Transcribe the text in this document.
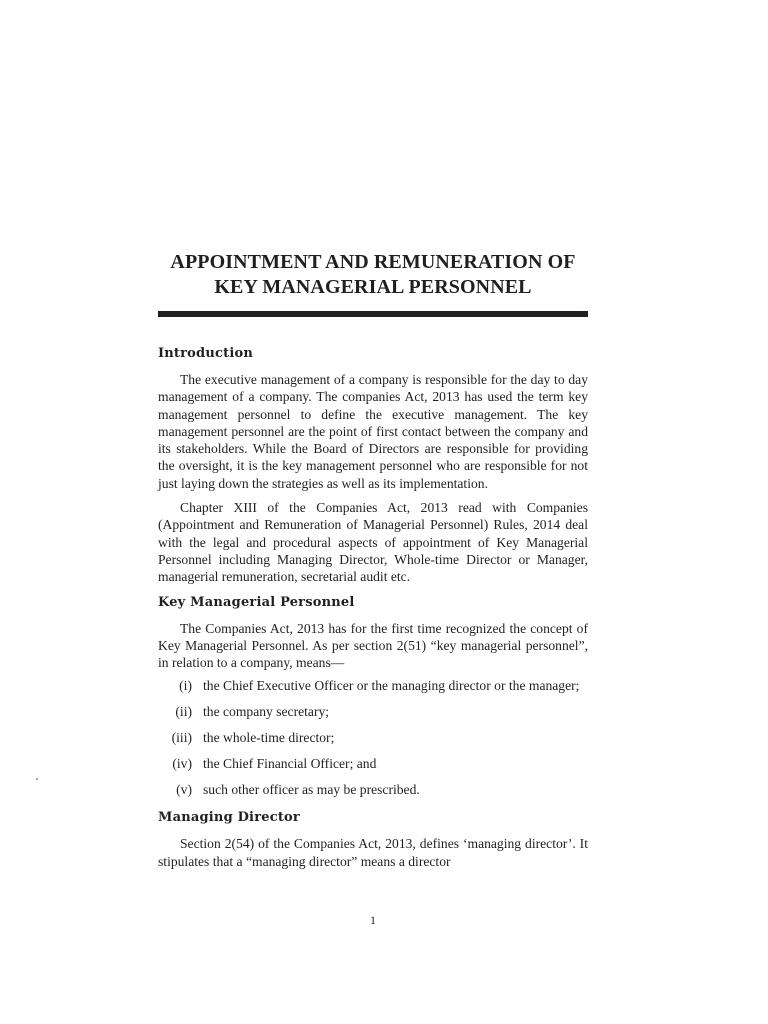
APPOINTMENT AND REMUNERATION OF
KEY MANAGERIAL PERSONNEL
Introduction

The executive management of a company is responsible for the day to day management of a company. The companies Act, 2013 has used the term key management personnel to define the executive management. The key management personnel are the point of first contact between the company and its stakeholders. While the Board of Directors are responsible for providing the oversight, it is the key management personnel who are responsible for not just laying down the strategies as well as its implementation.

Chapter XIII of the Companies Act, 2013 read with Companies (Appointment and Remuneration of Managerial Personnel) Rules, 2014 deal with the legal and procedural aspects of appointment of Key Managerial Personnel including Managing Director, Whole-time Director or Manager, managerial remuneration, secretarial audit etc.

Key Managerial Personnel

The Companies Act, 2013 has for the first time recognized the concept of Key Managerial Personnel. As per section 2(51) “key managerial personnel”, in relation to a company, means—

(i) the Chief Executive Officer or the managing director or the manager;
(ii) the company secretary;
(iii) the whole-time director;
(iv) the Chief Financial Officer; and
(v) such other officer as may be prescribed.
Managing Director

Section 2(54) of the Companies Act, 2013, defines ‘managing director’. It stipulates that a “managing director” means a director

1
